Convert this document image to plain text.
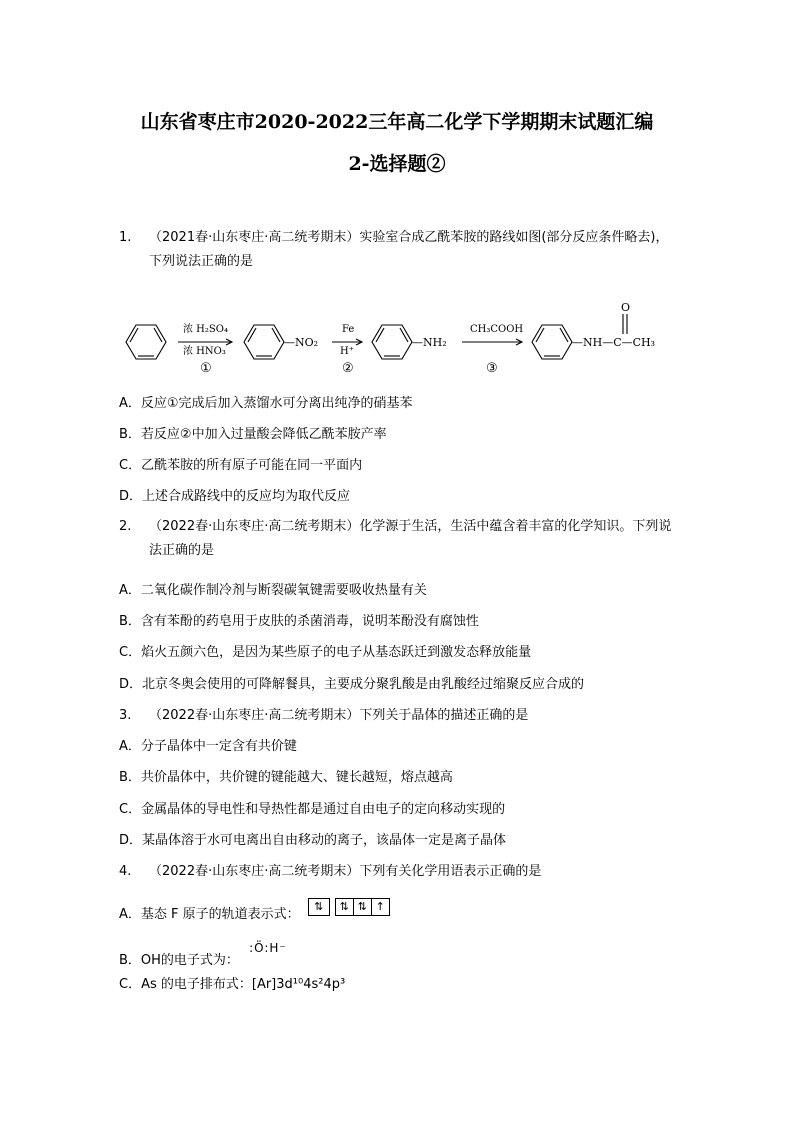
山东省枣庄市2020-2022三年高二化学下学期期末试题汇编
2-选择题②
1. （2021春·山东枣庄·高二统考期末）实验室合成乙酰苯胺的路线如图(部分反应条件略去)，下列说法正确的是
浓 H₂SO₄
浓 HNO₃
①
—NO₂
Fe
H⁺
②
—NH₂
CH₃COOH
③
—NH—C—CH₃
O
A．反应①完成后加入蒸馏水可分离出纯净的硝基苯
B．若反应②中加入过量酸会降低乙酰苯胺产率
C．乙酰苯胺的所有原子可能在同一平面内
D．上述合成路线中的反应均为取代反应
2. （2022春·山东枣庄·高二统考期末）化学源于生活，生活中蕴含着丰富的化学知识。下列说法正确的是
A．二氧化碳作制冷剂与断裂碳氧键需要吸收热量有关
B．含有苯酚的药皂用于皮肤的杀菌消毒，说明苯酚没有腐蚀性
C．焰火五颜六色，是因为某些原子的电子从基态跃迁到激发态释放能量
D．北京冬奥会使用的可降解餐具，主要成分聚乳酸是由乳酸经过缩聚反应合成的
3. （2022春·山东枣庄·高二统考期末）下列关于晶体的描述正确的是
A．分子晶体中一定含有共价键
B．共价晶体中，共价键的键能越大、键长越短，熔点越高
C．金属晶体的导电性和导热性都是通过自由电子的定向移动实现的
D．某晶体溶于水可电离出自由移动的离子，该晶体一定是离子晶体
4. （2022春·山东枣庄·高二统考期末）下列有关化学用语表示正确的是
A．基态 F 原子的轨道表示式：
⇅	⇅ ⇅ ↑
B．OH的电子式为： :Ö:H⁻
C．As 的电子排布式：[Ar]3d¹⁰4s²4p³
